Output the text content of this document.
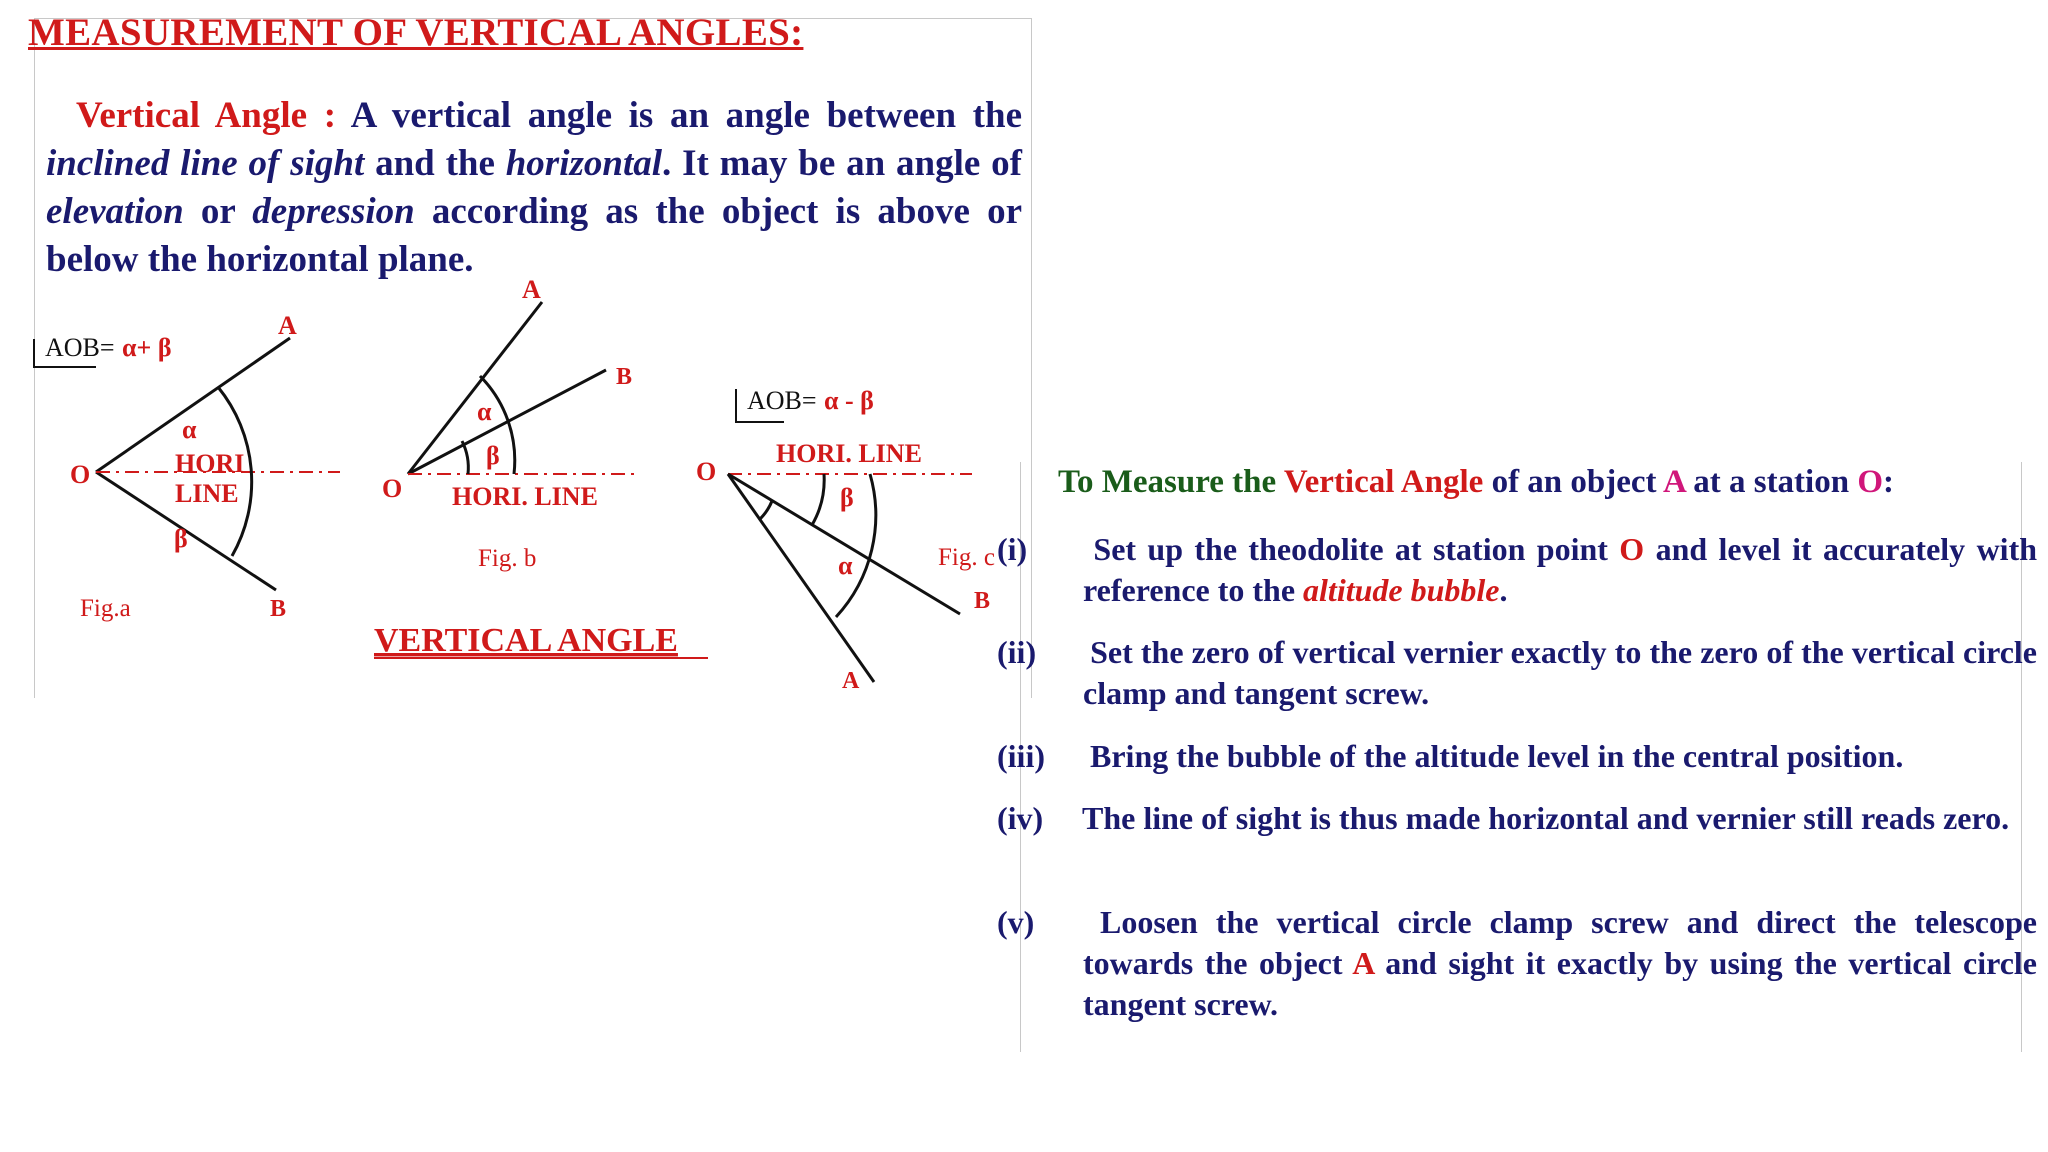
MEASUREMENT OF VERTICAL ANGLES:
Vertical Angle : A vertical angle is an angle between the inclined line of sight and the horizontal. It may be an angle of elevation or depression according as the object is above or below the horizontal plane.
AOB= α+ β
O
A
B
α
β
HORI
LINE
Fig.a
O
A
B
α
β
HORI. LINE
Fig. b
VERTICAL ANGLE
AOB= α - β
O
A
B
α
β
HORI. LINE
Fig. c
To Measure the Vertical Angle of an object A at a station O:
(i) Set up the theodolite at station point O and level it accurately with reference to the altitude bubble.
(ii) Set the zero of vertical vernier exactly to the zero of the vertical circle clamp and tangent screw.
(iii) Bring the bubble of the altitude level in the central position.
(iv) The line of sight is thus made horizontal and vernier still reads zero.
(v) Loosen the vertical circle clamp screw and direct the telescope towards the object A and sight it exactly by using the vertical circle tangent screw.
